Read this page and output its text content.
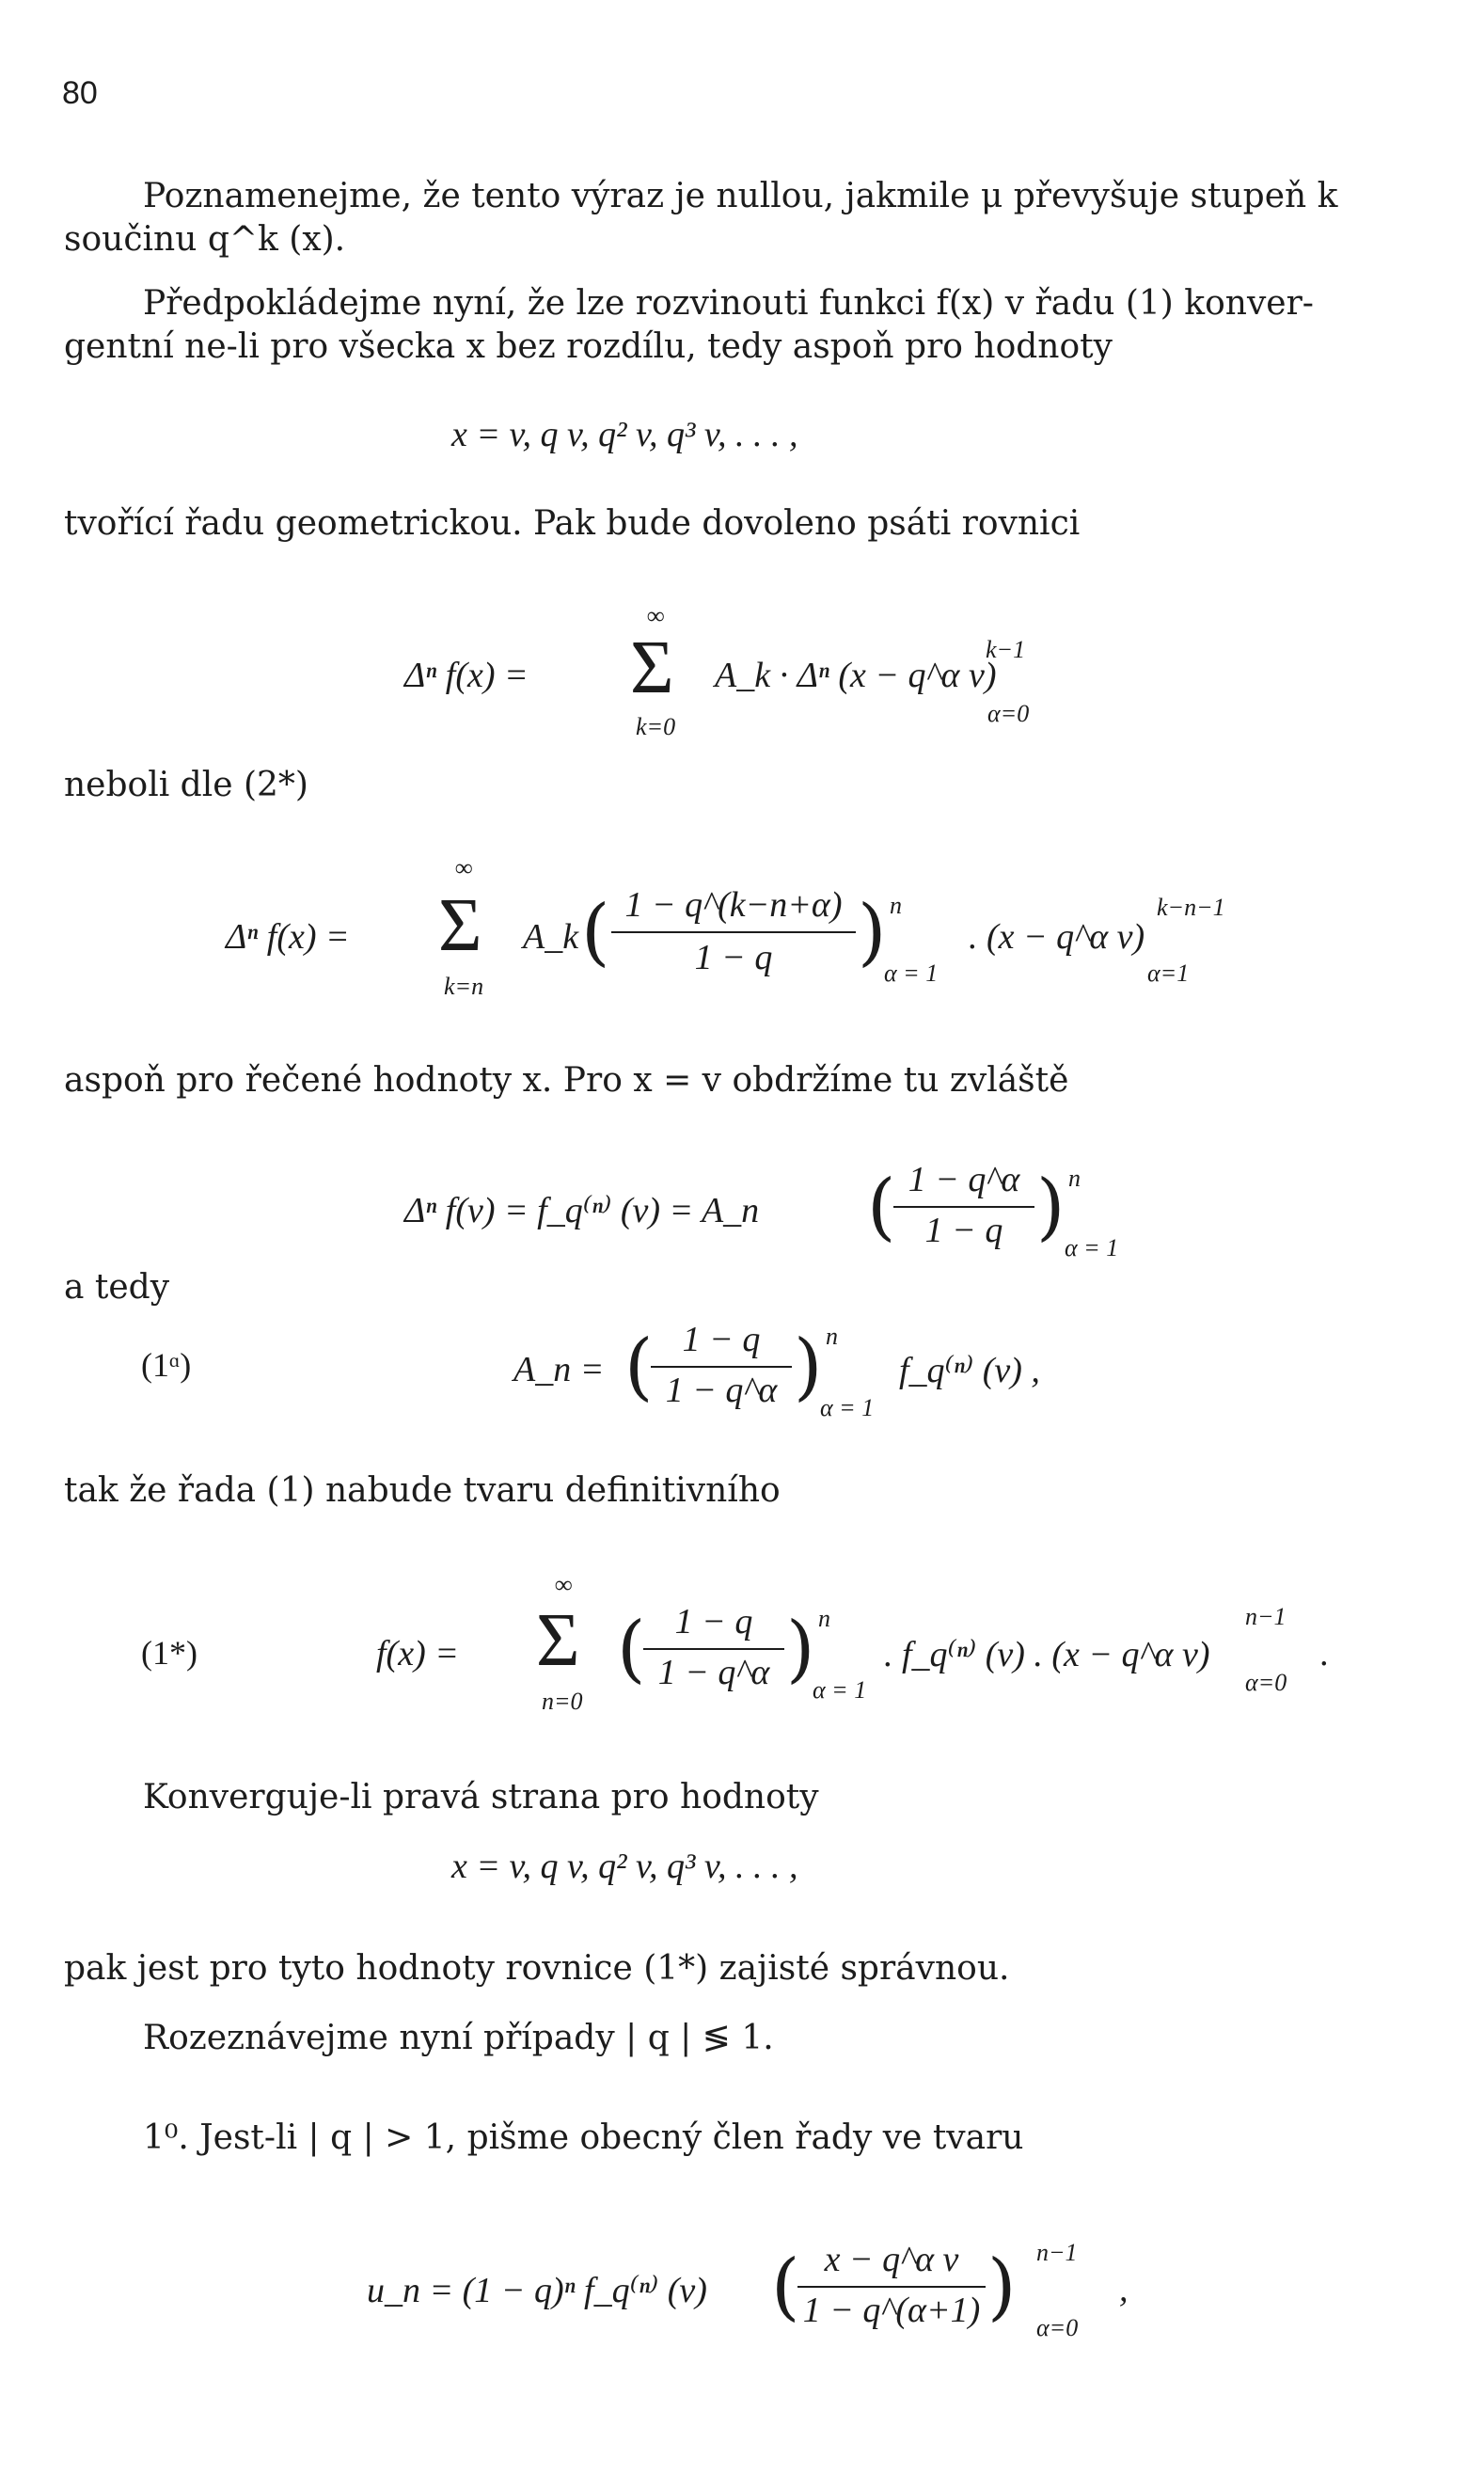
80
Poznamenejme, že tento výraz je nullou, jakmile μ převyšuje stupeň k
součinu q^k (x).
Předpokládejme nyní, že lze rozvinouti funkci f(x) v řadu (1) konver-
gentní ne-li pro všecka x bez rozdílu, tedy aspoň pro hodnoty
x = v, q v, q² v, q³ v, . . . ,
tvořící řadu geometrickou. Pak bude dovoleno psáti rovnici
Δⁿ f(x) =
∞
Σ
k=0
A_k · Δⁿ (x − q^α v)
k−1
α=0
neboli dle (2*)
Δⁿ f(x) =
∞
Σ
k=n
A_k ( 1 − q^(k−n+α)
1 − q	) n
α = 1
. (x − q^α v)
k−n−1
α=1
aspoň pro řečené hodnoty x. Pro x = v obdržíme tu zvláště
Δⁿ f(v) = f_q⁽ⁿ⁾ (v) = A_n ( 1 − q^α
1 − q ) n
α = 1
a tedy
(1ᵅ)	A_n = ( 1 − q
1 − q^α ) n
α = 1
f_q⁽ⁿ⁾ (v) ,
tak že řada (1) nabude tvaru definitivního
(1*)	f(x) =
∞
Σ
n=0
( 1 − q
1 − q^α ) n
α = 1
. f_q⁽ⁿ⁾ (v) . (x − q^α v)
n−1
α=0
.
Konverguje-li pravá strana pro hodnoty
x = v, q v, q² v, q³ v, . . . ,
pak jest pro tyto hodnoty rovnice (1*) zajisté správnou.
Rozeznávejme nyní případy | q | ≶ 1.
1⁰. Jest-li | q | > 1, pišme obecný člen řady ve tvaru
u_n = (1 − q)ⁿ f_q⁽ⁿ⁾ (v) ( x − q^α v
1 − q^(α+1) ) n−1
α=0
,
